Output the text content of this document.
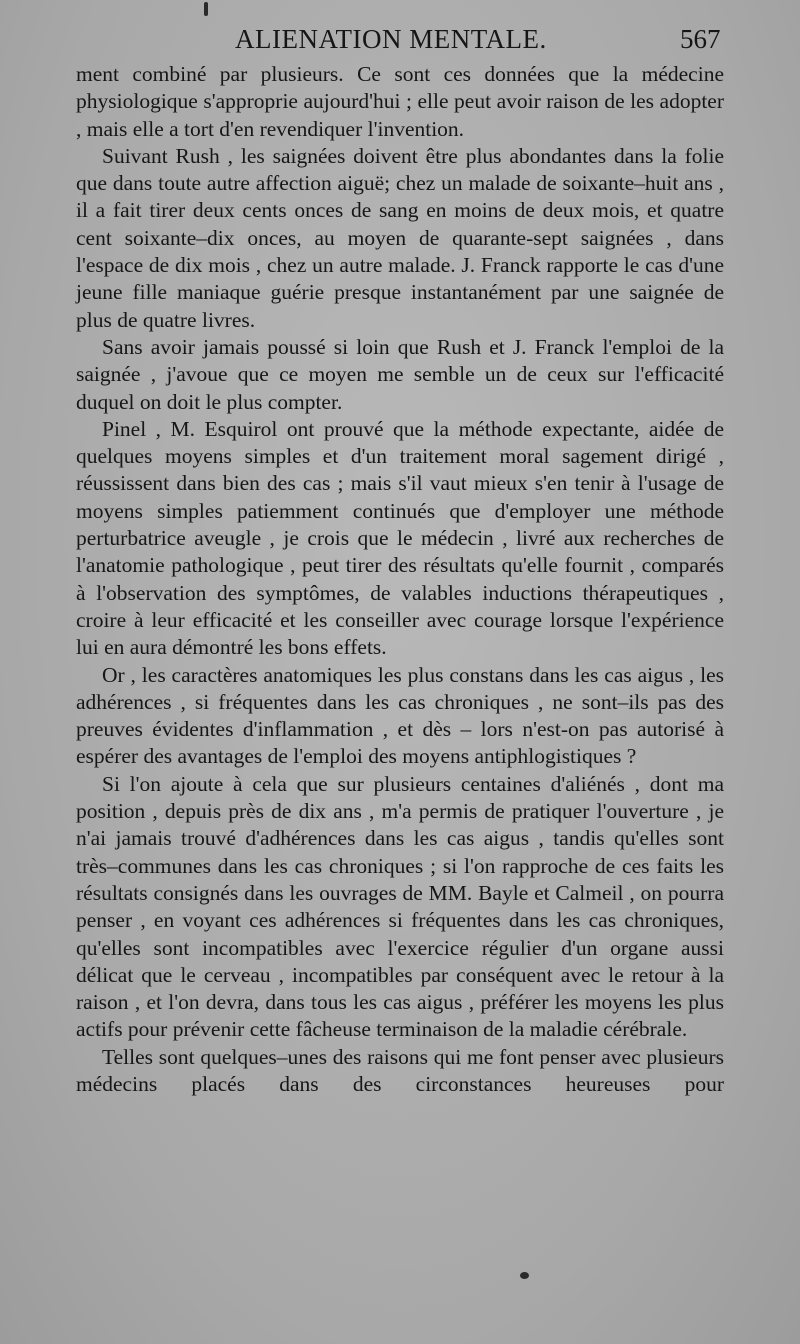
ALIENATION MENTALE.	567

ment combiné par plusieurs. Ce sont ces données que la médecine physiologique s'approprie aujourd'hui ; elle peut avoir raison de les adopter , mais elle a tort d'en revendiquer l'invention.

Suivant Rush , les saignées doivent être plus abondantes dans la folie que dans toute autre affection aiguë; chez un malade de soixante–huit ans , il a fait tirer deux cents onces de sang en moins de deux mois, et quatre cent soixante–dix onces, au moyen de quarante-sept saignées , dans l'espace de dix mois , chez un autre malade. J. Franck rapporte le cas d'une jeune fille maniaque guérie presque instantanément par une saignée de plus de quatre livres.

Sans avoir jamais poussé si loin que Rush et J. Franck l'emploi de la saignée , j'avoue que ce moyen me semble un de ceux sur l'efficacité duquel on doit le plus compter.

Pinel , M. Esquirol ont prouvé que la méthode expectante, aidée de quelques moyens simples et d'un traitement moral sagement dirigé , réussissent dans bien des cas ; mais s'il vaut mieux s'en tenir à l'usage de moyens simples patiemment continués que d'employer une méthode perturbatrice aveugle , je crois que le médecin , livré aux recherches de l'anatomie pathologique , peut tirer des résultats qu'elle fournit , comparés à l'observation des symptômes, de valables inductions thérapeutiques , croire à leur efficacité et les conseiller avec courage lorsque l'expérience lui en aura démontré les bons effets.

Or , les caractères anatomiques les plus constans dans les cas aigus , les adhérences , si fréquentes dans les cas chroniques , ne sont–ils pas des preuves évidentes d'inflammation , et dès – lors n'est-on pas autorisé à espérer des avantages de l'emploi des moyens antiphlogistiques ?

Si l'on ajoute à cela que sur plusieurs centaines d'aliénés , dont ma position , depuis près de dix ans , m'a permis de pratiquer l'ouverture , je n'ai jamais trouvé d'adhérences dans les cas aigus , tandis qu'elles sont très–communes dans les cas chroniques ; si l'on rapproche de ces faits les résultats consignés dans les ouvrages de MM. Bayle et Calmeil , on pourra penser , en voyant ces adhérences si fréquentes dans les cas chroniques, qu'elles sont incompatibles avec l'exercice régulier d'un organe aussi délicat que le cerveau , incompatibles par conséquent avec le retour à la raison , et l'on devra, dans tous les cas aigus , préférer les moyens les plus actifs pour prévenir cette fâcheuse terminaison de la maladie cérébrale.

Telles sont quelques–unes des raisons qui me font penser avec plusieurs médecins placés dans des circonstances heureuses pour
